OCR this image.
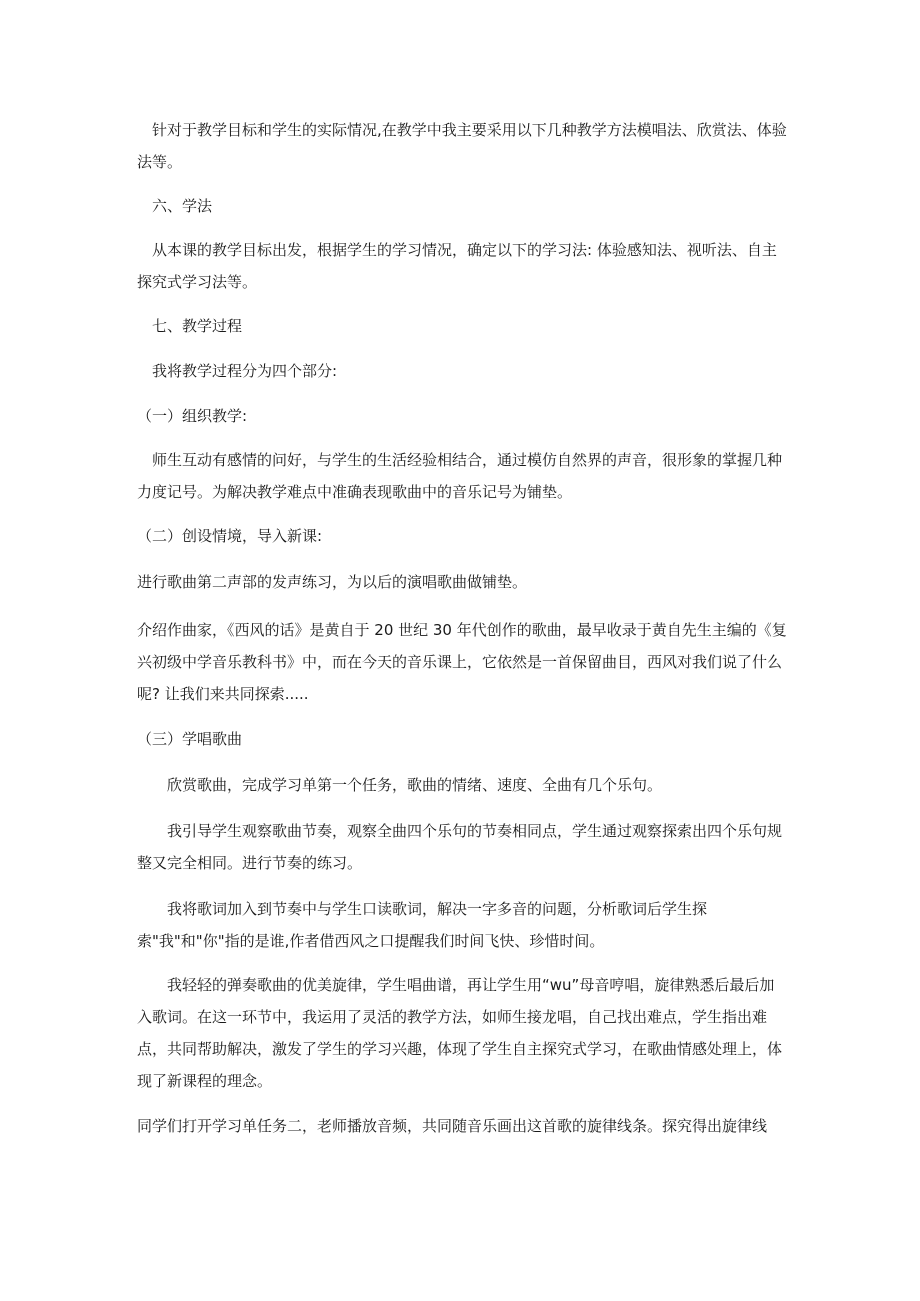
　针对于教学目标和学生的实际情况,在教学中我主要采用以下几种教学方法模唱法、欣赏法、体验法等。

　六、学法

　从本课的教学目标出发，根据学生的学习情况，确定以下的学习法: 体验感知法、视听法、自主探究式学习法等。

　七、教学过程

　我将教学过程分为四个部分:

（一）组织教学:

　师生互动有感情的问好，与学生的生活经验相结合，通过模仿自然界的声音，很形象的掌握几种力度记号。为解决教学难点中准确表现歌曲中的音乐记号为铺垫。

（二）创设情境，导入新课:

进行歌曲第二声部的发声练习，为以后的演唱歌曲做铺垫。

介绍作曲家，《西风的话》是黄自于 20 世纪 30 年代创作的歌曲，最早收录于黄自先生主编的《复兴初级中学音乐教科书》中，而在今天的音乐课上，它依然是一首保留曲目，西风对我们说了什么呢? 让我们来共同探索.....

（三）学唱歌曲

　　欣赏歌曲，完成学习单第一个任务，歌曲的情绪、速度、全曲有几个乐句。

　　我引导学生观察歌曲节奏，观察全曲四个乐句的节奏相同点，学生通过观察探索出四个乐句规整又完全相同。进行节奏的练习。

　　我将歌词加入到节奏中与学生口读歌词，解决一字多音的问题，分析歌词后学生探索"我"和"你"指的是谁,作者借西风之口提醒我们时间飞快、珍惜时间。

　　我轻轻的弹奏歌曲的优美旋律，学生唱曲谱，再让学生用“wu”母音哼唱，旋律熟悉后最后加入歌词。在这一环节中，我运用了灵活的教学方法，如师生接龙唱，自己找出难点，学生指出难点，共同帮助解决，激发了学生的学习兴趣，体现了学生自主探究式学习，在歌曲情感处理上，体现了新课程的理念。

同学们打开学习单任务二，老师播放音频，共同随音乐画出这首歌的旋律线条。探究得出旋律线
